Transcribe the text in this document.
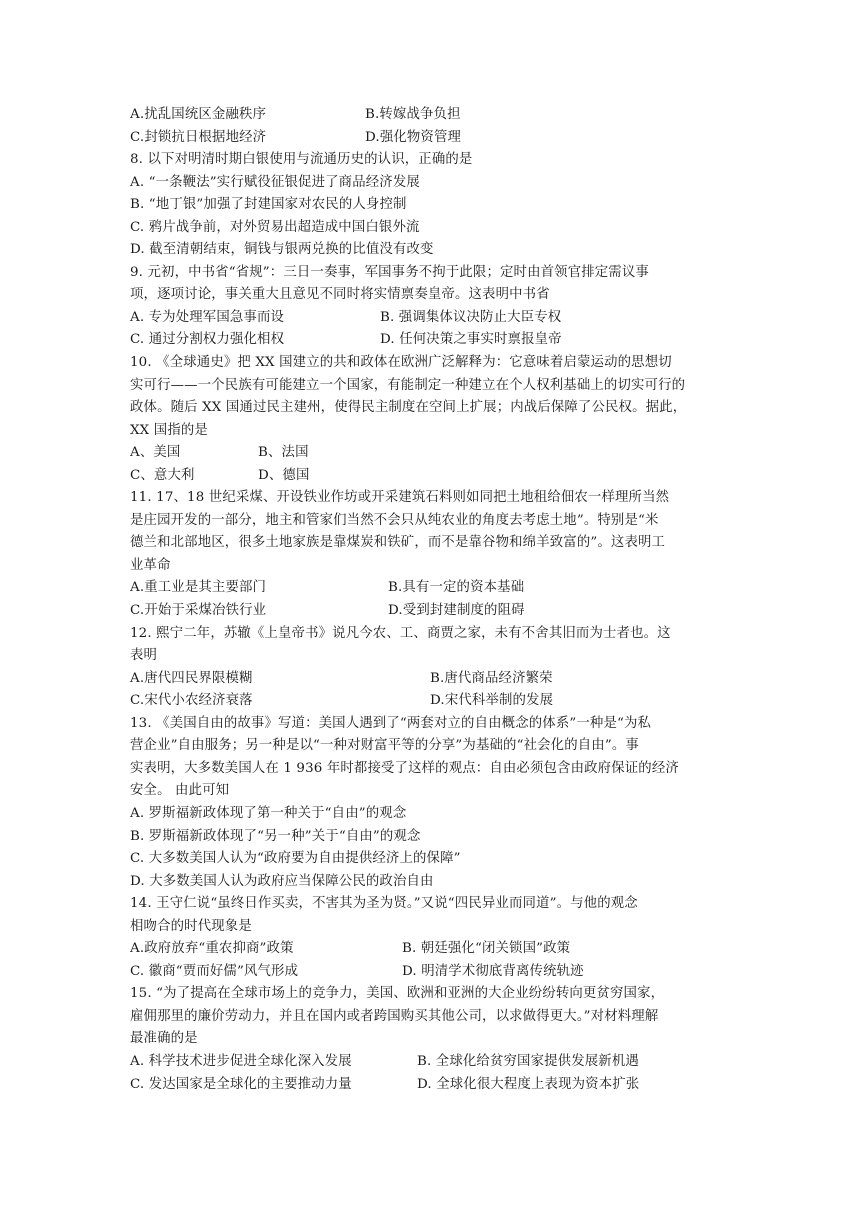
A.扰乱国统区金融秩序	B.转嫁战争负担
C.封锁抗日根据地经济	D.强化物资管理
8. 以下对明清时期白银使用与流通历史的认识，正确的是
A. “一条鞭法”实行赋役征银促进了商品经济发展
B. “地丁银”加强了封建国家对农民的人身控制
C. 鸦片战争前，对外贸易出超造成中国白银外流
D. 截至清朝结束，铜钱与银两兑换的比值没有改变
9. 元初，中书省“省规”：三日一奏事，军国事务不拘于此限；定时由首领官排定需议事
项，逐项讨论，事关重大且意见不同时将实情禀奏皇帝。这表明中书省
A. 专为处理军国急事而设	B. 强调集体议决防止大臣专权
C. 通过分割权力强化相权	D. 任何决策之事实时禀报皇帝
10. 《全球通史》把 XX 国建立的共和政体在欧洲广泛解释为：它意味着启蒙运动的思想切
实可行——一个民族有可能建立一个国家，有能制定一种建立在个人权利基础上的切实可行的
政体。随后 XX 国通过民主建州，使得民主制度在空间上扩展；内战后保障了公民权。据此，
XX 国指的是
A、美国	B、法国
C、意大利	D、德国
11. 17、18 世纪采煤、开设铁业作坊或开采建筑石料则如同把土地租给佃农一样理所当然
是庄园开发的一部分，地主和管家们当然不会只从纯农业的角度去考虑土地”。特别是“米
德兰和北部地区，很多土地家族是靠煤炭和铁矿，而不是靠谷物和绵羊致富的”。这表明工
业革命
A.重工业是其主要部门	B.具有一定的资本基础
C.开始于采煤冶铁行业	D.受到封建制度的阻碍
12. 熙宁二年，苏辙《上皇帝书》说凡今农、工、商贾之家，未有不舍其旧而为士者也。这
表明
A.唐代四民界限模糊	B.唐代商品经济繁荣
C.宋代小农经济衰落	D.宋代科举制的发展
13. 《美国自由的故事》写道：美国人遇到了“两套对立的自由概念的体系”一种是“为私
营企业”自由服务；另一种是以“一种对财富平等的分享”为基础的“社会化的自由”。事
实表明，大多数美国人在 1 936 年时都接受了这样的观点：自由必须包含由政府保证的经济
安全。 由此可知
A. 罗斯福新政体现了第一种关于“自由”的观念
B. 罗斯福新政体现了“另一种”关于“自由”的观念
C. 大多数美国人认为“政府要为自由提供经济上的保障”
D. 大多数美国人认为政府应当保障公民的政治自由
14. 王守仁说“虽终日作买卖，不害其为圣为贤。”又说“四民异业而同道”。与他的观念
相吻合的时代现象是
A.政府放弃“重农抑商”政策	B. 朝廷强化“闭关锁国”政策
C. 徽商“贾而好儒”风气形成	D. 明清学术彻底背离传统轨迹
15. “为了提高在全球市场上的竞争力，美国、欧洲和亚洲的大企业纷纷转向更贫穷国家，
雇佣那里的廉价劳动力，并且在国内或者跨国购买其他公司，以求做得更大。”对材料理解
最准确的是
A. 科学技术进步促进全球化深入发展	B. 全球化给贫穷国家提供发展新机遇
C. 发达国家是全球化的主要推动力量	D. 全球化很大程度上表现为资本扩张
